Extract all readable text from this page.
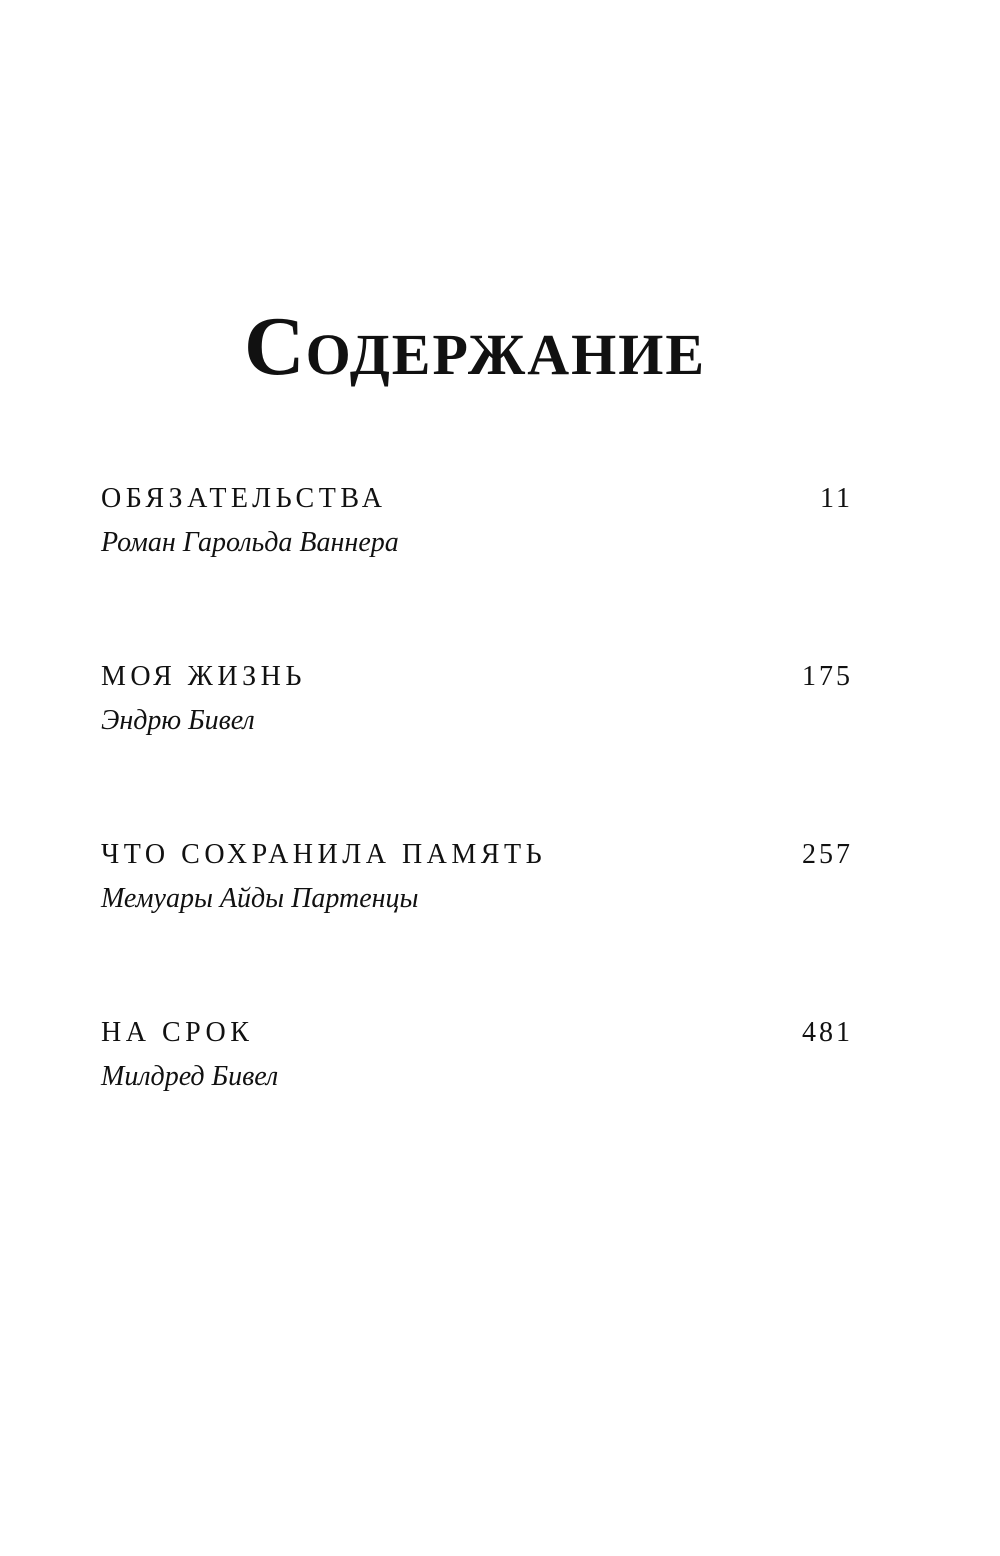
СОДЕРЖАНИЕ
ОБЯЗАТЕЛЬСТВА	11
Роман Гарольда Ваннера
МОЯ ЖИЗНЬ	175
Эндрю Бивел
ЧТО СОХРАНИЛА ПАМЯТЬ	257
Мемуары Айды Партенцы
НА СРОК	481
Милдред Бивел
